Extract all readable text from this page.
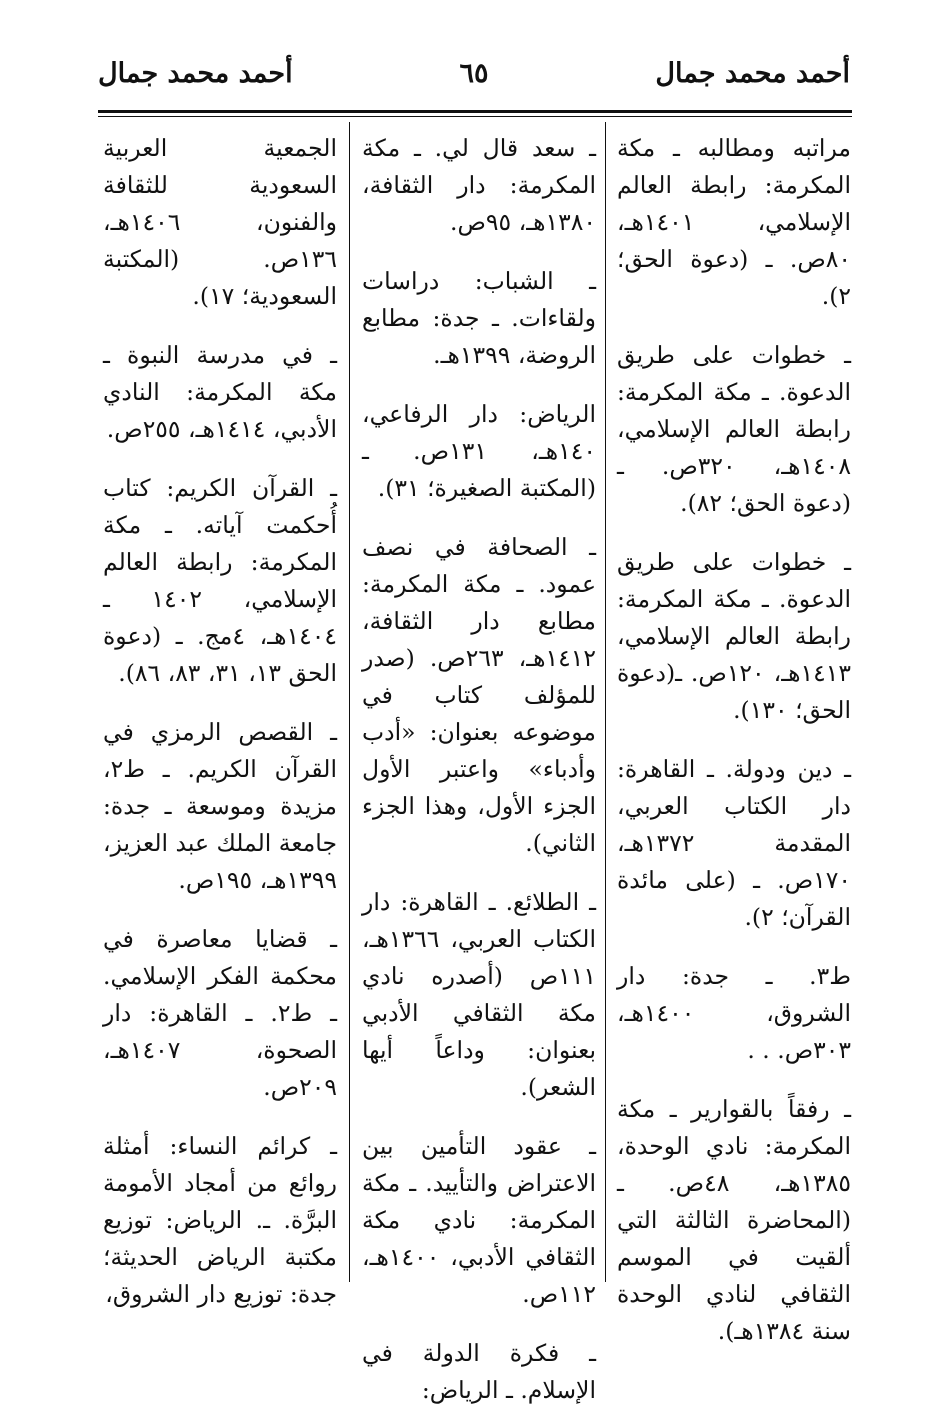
أحمد محمد جمال
٦٥
أحمد محمد جمال

مراتبه ومطالبه ـ مكة المكرمة: رابطة العالم الإسلامي، ١٤٠١هـ، ٨٠ص. ـ (دعوة الحق؛ ٢).

ـ خطوات على طريق الدعوة. ـ مكة المكرمة: رابطة العالم الإسلامي، ١٤٠٨هـ، ٣٢٠ص. ـ (دعوة الحق؛ ٨٢).

ـ خطوات على طريق الدعوة. ـ مكة المكرمة: رابطة العالم الإسلامي، ١٤١٣هـ، ١٢٠ص. ـ(دعوة الحق؛ ١٣٠).

ـ دين ودولة. ـ القاهرة: دار الكتاب العربي، المقدمة ١٣٧٢هـ، ١٧٠ص. ـ (على مائدة القرآن؛ ٢).

ط٣. ـ جدة: دار الشروق، ١٤٠٠هـ، ٣٠٣ص. . .

ـ رفقاً بالقوارير ـ مكة المكرمة: نادي الوحدة، ١٣٨٥هـ، ٤٨ص. ـ (المحاضرة الثالثة التي ألقيت في الموسم الثقافي لنادي الوحدة سنة ١٣٨٤هـ).

ـ سعد قال لي. ـ مكة المكرمة: دار الثقافة، ١٣٨٠هـ، ٩٥ص.

ـ الشباب: دراسات ولقاءات. ـ جدة: مطابع الروضة، ١٣٩٩هـ.

الرياض: دار الرفاعي، ١٤٠هـ، ١٣١ص. ـ (المكتبة الصغيرة؛ ٣١).

ـ الصحافة في نصف عمود. ـ مكة المكرمة: مطابع دار الثقافة، ١٤١٢هـ، ٢٦٣ص. (صدر للمؤلف كتاب في موضوعه بعنوان: «أدب وأدباء» واعتبر الأول الجزء الأول، وهذا الجزء الثاني).

ـ الطلائع. ـ القاهرة: دار الكتاب العربي، ١٣٦٦هـ، ١١١ص (أصدره نادي مكة الثقافي الأدبي بعنوان: وداعاً أيها الشعر).

ـ عقود التأمين بين الاعتراض والتأييد. ـ مكة المكرمة: نادي مكة الثقافي الأدبي، ١٤٠٠هـ، ١١٢ص.

ـ فكرة الدولة في الإسلام. ـ الرياض:

الجمعية العربية السعودية للثقافة والفنون، ١٤٠٦هـ، ١٣٦ص. (المكتبة السعودية؛ ١٧).

ـ في مدرسة النبوة ـ مكة المكرمة: النادي الأدبي، ١٤١٤هـ، ٢٥٥ص.

ـ القرآن الكريم: كتاب أُحكمت آياته. ـ مكة المكرمة: رابطة العالم الإسلامي، ١٤٠٢ ـ ١٤٠٤هـ، ٤مج. ـ (دعوة الحق ١٣، ٣١، ٨٣، ٨٦).

ـ القصص الرمزي في القرآن الكريم. ـ ط٢، مزيدة وموسعة ـ جدة: جامعة الملك عبد العزيز، ١٣٩٩هـ، ١٩٥ص.

ـ قضايا معاصرة في محكمة الفكر الإسلامي. ـ ط٢. ـ القاهرة: دار الصحوة، ١٤٠٧هـ، ٢٠٩ص.

ـ كرائم النساء: أمثلة روائع من أمجاد الأمومة البرَّة. ـ. الرياض: توزيع مكتبة الرياض الحديثة؛ جدة: توزيع دار الشروق،
